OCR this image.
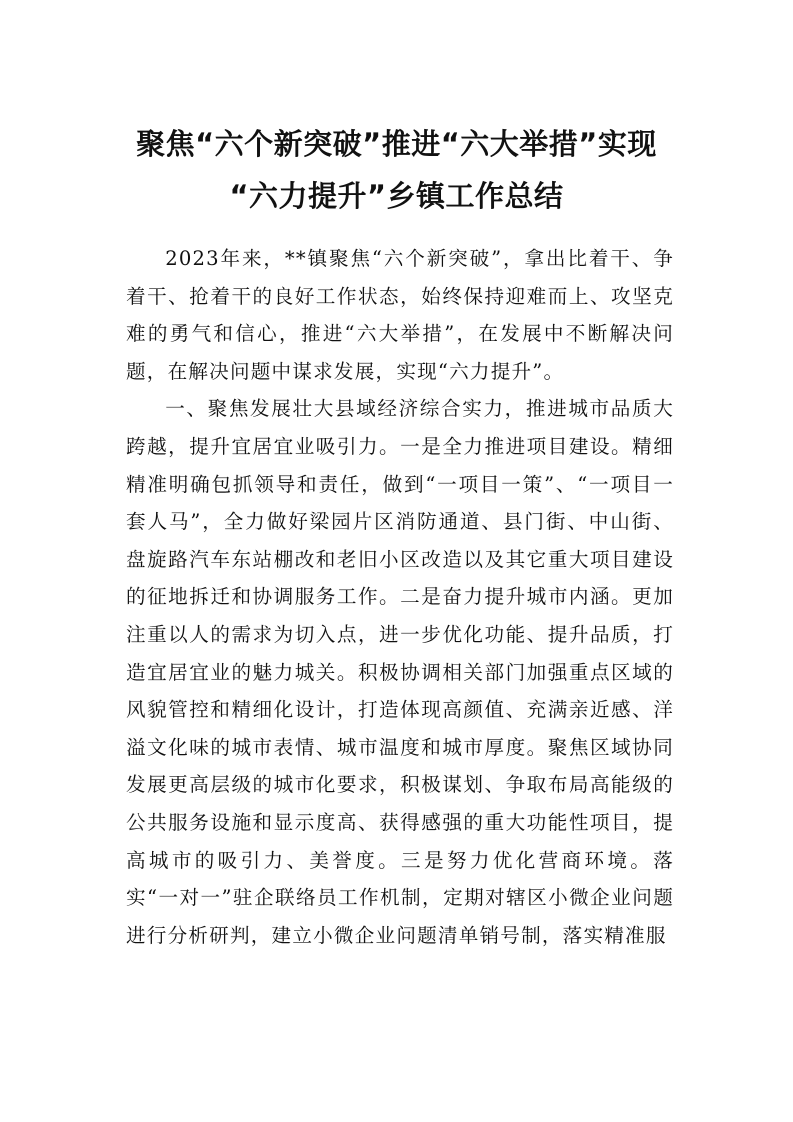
聚焦“六个新突破”推进“六大举措”实现
“六力提升”乡镇工作总结

2023年来，**镇聚焦“六个新突破”，拿出比着干、争着干、抢着干的良好工作状态，始终保持迎难而上、攻坚克难的勇气和信心，推进“六大举措”，在发展中不断解决问题，在解决问题中谋求发展，实现“六力提升”。

一、聚焦发展壮大县域经济综合实力，推进城市品质大跨越，提升宜居宜业吸引力。一是全力推进项目建设。精细精准明确包抓领导和责任，做到“一项目一策”、“一项目一套人马”，全力做好梁园片区消防通道、县门街、中山街、盘旋路汽车东站棚改和老旧小区改造以及其它重大项目建设的征地拆迁和协调服务工作。二是奋力提升城市内涵。更加注重以人的需求为切入点，进一步优化功能、提升品质，打造宜居宜业的魅力城关。积极协调相关部门加强重点区域的风貌管控和精细化设计，打造体现高颜值、充满亲近感、洋溢文化味的城市表情、城市温度和城市厚度。聚焦区域协同发展更高层级的城市化要求，积极谋划、争取布局高能级的公共服务设施和显示度高、获得感强的重大功能性项目，提高城市的吸引力、美誉度。三是努力优化营商环境。落实“一对一”驻企联络员工作机制，定期对辖区小微企业问题进行分析研判，建立小微企业问题清单销号制，落实精准服
